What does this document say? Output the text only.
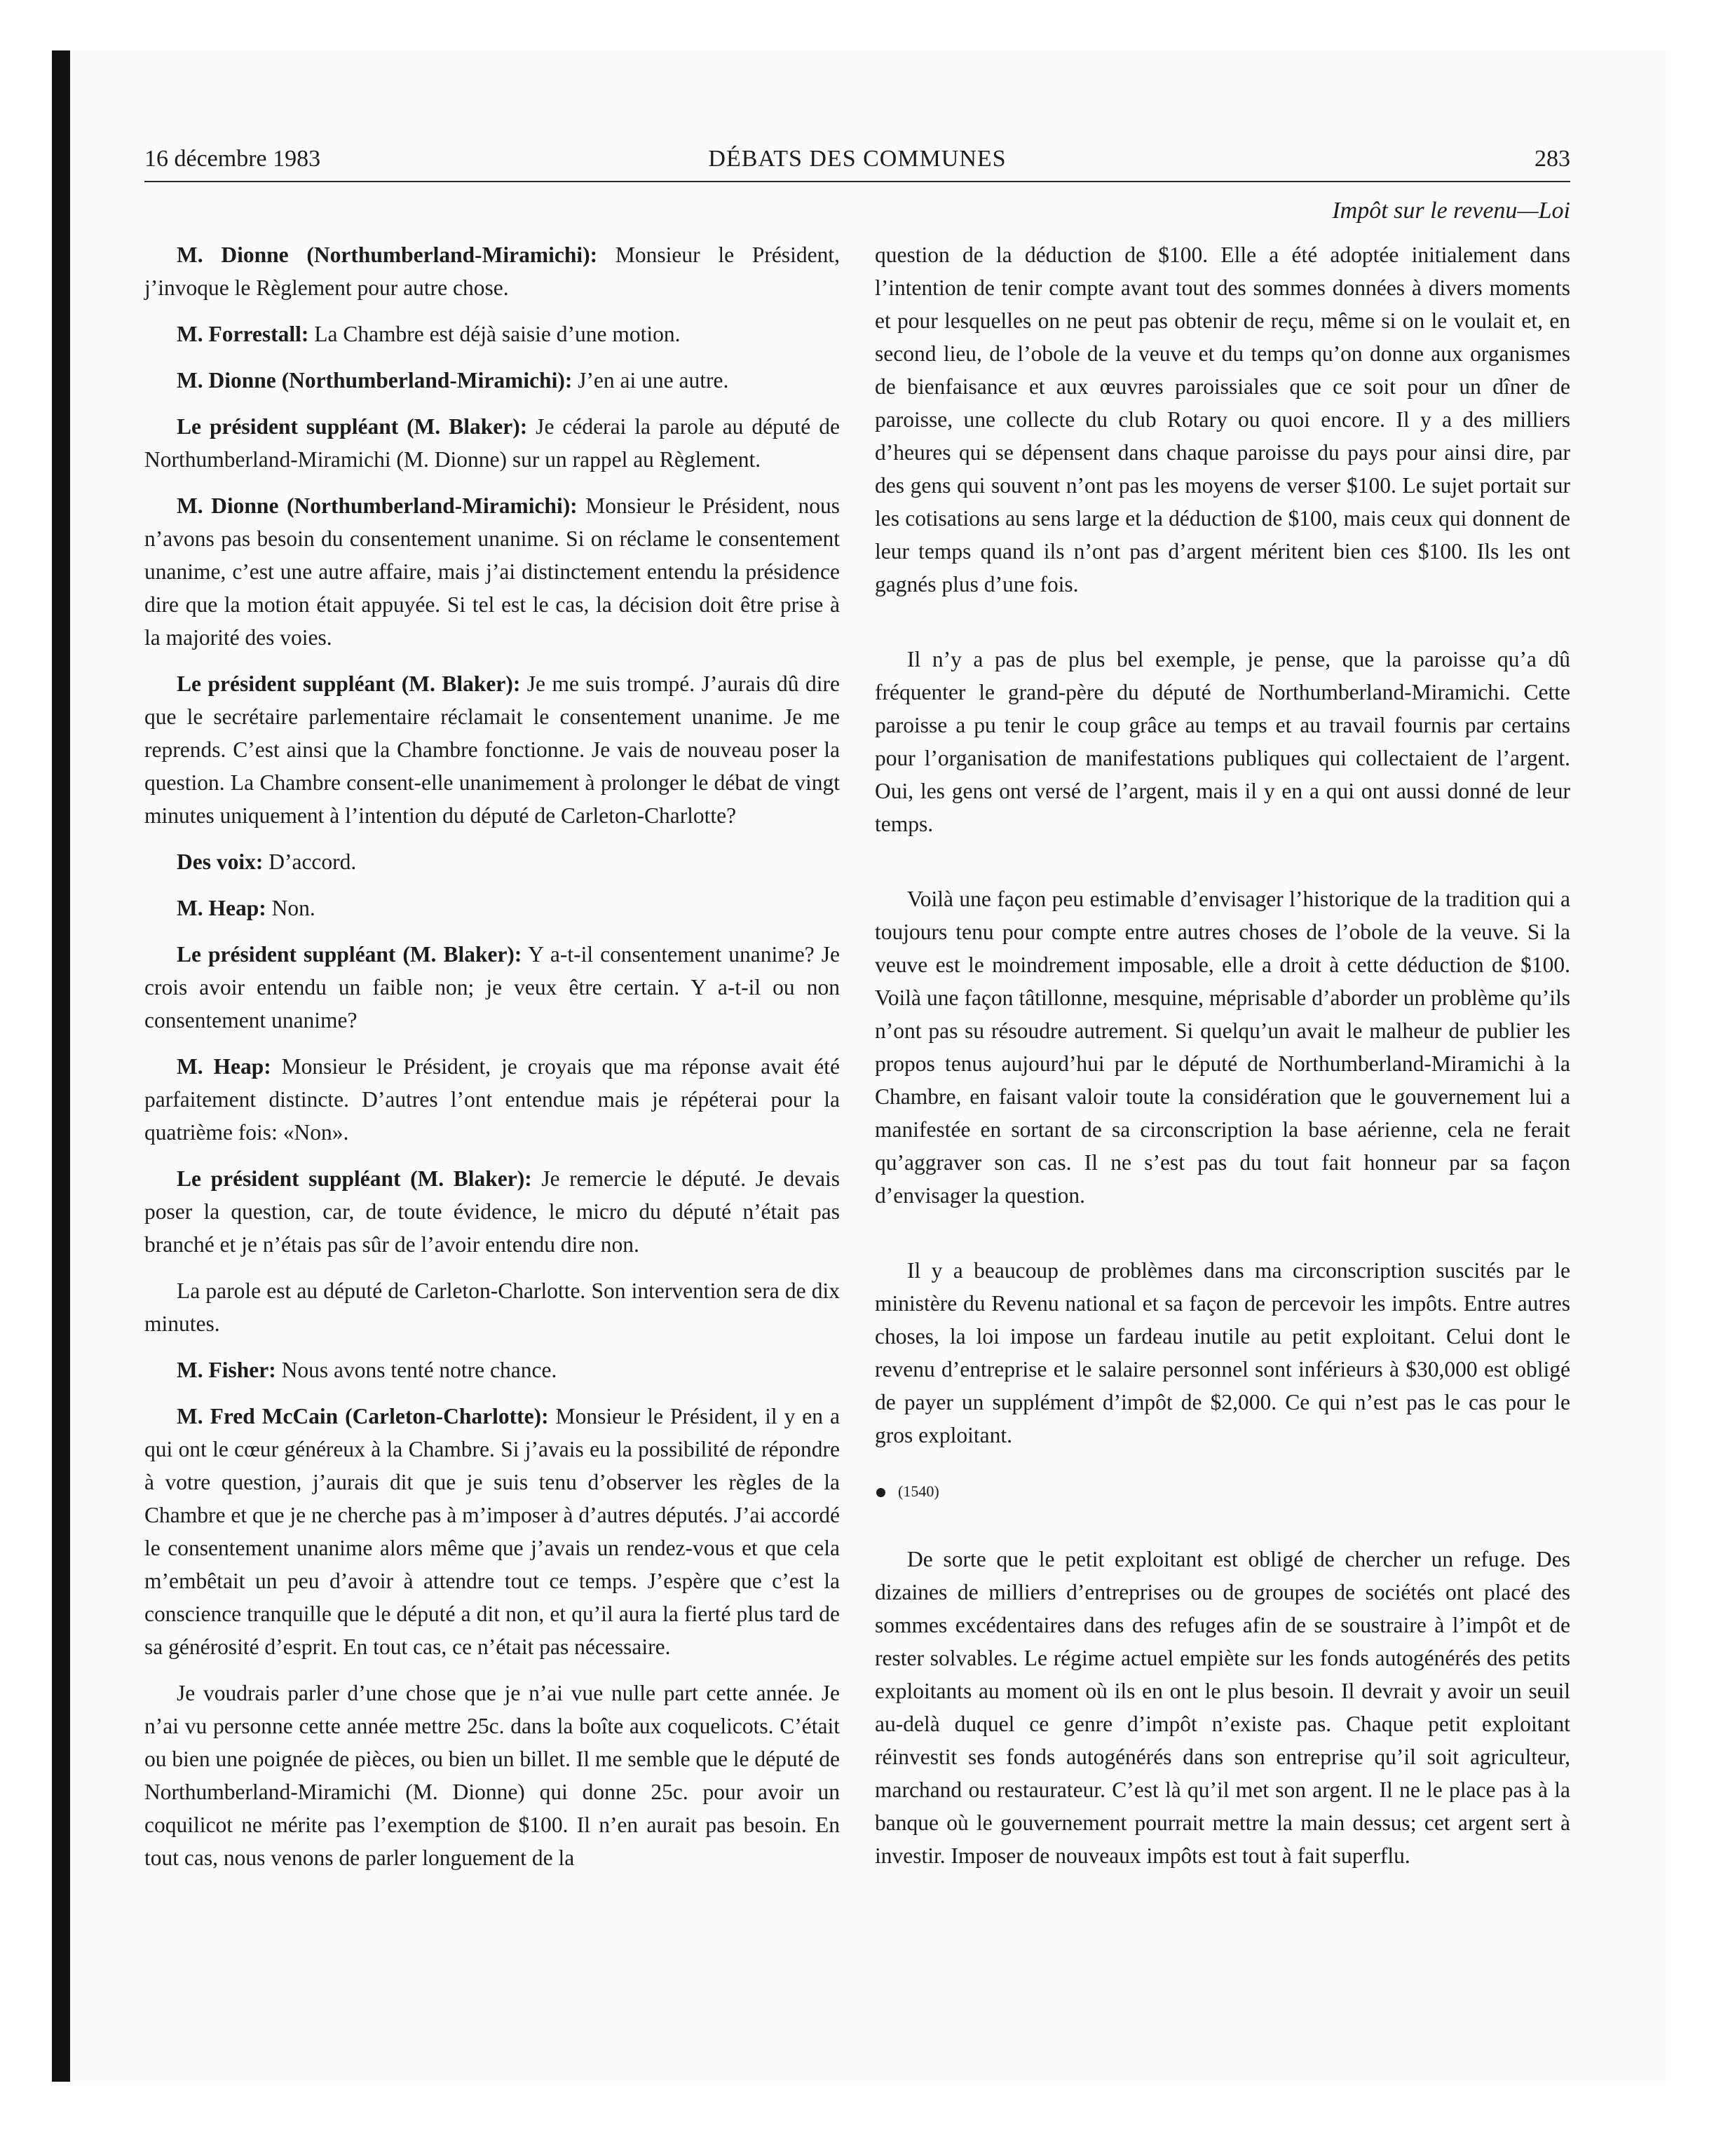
16 décembre 1983	DÉBATS DES COMMUNES	283
Impôt sur le revenu—Loi

M. Dionne (Northumberland-Miramichi): Monsieur le Président, j’invoque le Règlement pour autre chose.

M. Forrestall: La Chambre est déjà saisie d’une motion.

M. Dionne (Northumberland-Miramichi): J’en ai une autre.

Le président suppléant (M. Blaker): Je céderai la parole au député de Northumberland-Miramichi (M. Dionne) sur un rappel au Règlement.

M. Dionne (Northumberland-Miramichi): Monsieur le Président, nous n’avons pas besoin du consentement unanime. Si on réclame le consentement unanime, c’est une autre affaire, mais j’ai distinctement entendu la présidence dire que la motion était appuyée. Si tel est le cas, la décision doit être prise à la majorité des voies.

Le président suppléant (M. Blaker): Je me suis trompé. J’aurais dû dire que le secrétaire parlementaire réclamait le consentement unanime. Je me reprends. C’est ainsi que la Chambre fonctionne. Je vais de nouveau poser la question. La Chambre consent-elle unanimement à prolonger le débat de vingt minutes uniquement à l’intention du député de Carleton-Charlotte?

Des voix: D’accord.

M. Heap: Non.

Le président suppléant (M. Blaker): Y a-t-il consentement unanime? Je crois avoir entendu un faible non; je veux être certain. Y a-t-il ou non consentement unanime?

M. Heap: Monsieur le Président, je croyais que ma réponse avait été parfaitement distincte. D’autres l’ont entendue mais je répéterai pour la quatrième fois: «Non».

Le président suppléant (M. Blaker): Je remercie le député. Je devais poser la question, car, de toute évidence, le micro du député n’était pas branché et je n’étais pas sûr de l’avoir entendu dire non.

La parole est au député de Carleton-Charlotte. Son intervention sera de dix minutes.

M. Fisher: Nous avons tenté notre chance.

M. Fred McCain (Carleton-Charlotte): Monsieur le Président, il y en a qui ont le cœur généreux à la Chambre. Si j’avais eu la possibilité de répondre à votre question, j’aurais dit que je suis tenu d’observer les règles de la Chambre et que je ne cherche pas à m’imposer à d’autres députés. J’ai accordé le consentement unanime alors même que j’avais un rendez-vous et que cela m’embêtait un peu d’avoir à attendre tout ce temps. J’espère que c’est la conscience tranquille que le député a dit non, et qu’il aura la fierté plus tard de sa générosité d’esprit. En tout cas, ce n’était pas nécessaire.

Je voudrais parler d’une chose que je n’ai vue nulle part cette année. Je n’ai vu personne cette année mettre 25c. dans la boîte aux coquelicots. C’était ou bien une poignée de pièces, ou bien un billet. Il me semble que le député de Northumberland-Miramichi (M. Dionne) qui donne 25c. pour avoir un coquilicot ne mérite pas l’exemption de $100. Il n’en aurait pas besoin. En tout cas, nous venons de parler longuement de la

question de la déduction de $100. Elle a été adoptée initialement dans l’intention de tenir compte avant tout des sommes données à divers moments et pour lesquelles on ne peut pas obtenir de reçu, même si on le voulait et, en second lieu, de l’obole de la veuve et du temps qu’on donne aux organismes de bienfaisance et aux œuvres paroissiales que ce soit pour un dîner de paroisse, une collecte du club Rotary ou quoi encore. Il y a des milliers d’heures qui se dépensent dans chaque paroisse du pays pour ainsi dire, par des gens qui souvent n’ont pas les moyens de verser $100. Le sujet portait sur les cotisations au sens large et la déduction de $100, mais ceux qui donnent de leur temps quand ils n’ont pas d’argent méritent bien ces $100. Ils les ont gagnés plus d’une fois.

Il n’y a pas de plus bel exemple, je pense, que la paroisse qu’a dû fréquenter le grand-père du député de Northumberland-Miramichi. Cette paroisse a pu tenir le coup grâce au temps et au travail fournis par certains pour l’organisation de manifestations publiques qui collectaient de l’argent. Oui, les gens ont versé de l’argent, mais il y en a qui ont aussi donné de leur temps.

Voilà une façon peu estimable d’envisager l’historique de la tradition qui a toujours tenu pour compte entre autres choses de l’obole de la veuve. Si la veuve est le moindrement imposable, elle a droit à cette déduction de $100. Voilà une façon tâtillonne, mesquine, méprisable d’aborder un problème qu’ils n’ont pas su résoudre autrement. Si quelqu’un avait le malheur de publier les propos tenus aujourd’hui par le député de Northumberland-Miramichi à la Chambre, en faisant valoir toute la considération que le gouvernement lui a manifestée en sortant de sa circonscription la base aérienne, cela ne ferait qu’aggraver son cas. Il ne s’est pas du tout fait honneur par sa façon d’envisager la question.

Il y a beaucoup de problèmes dans ma circonscription suscités par le ministère du Revenu national et sa façon de percevoir les impôts. Entre autres choses, la loi impose un fardeau inutile au petit exploitant. Celui dont le revenu d’entreprise et le salaire personnel sont inférieurs à $30,000 est obligé de payer un supplément d’impôt de $2,000. Ce qui n’est pas le cas pour le gros exploitant.

(1540)

De sorte que le petit exploitant est obligé de chercher un refuge. Des dizaines de milliers d’entreprises ou de groupes de sociétés ont placé des sommes excédentaires dans des refuges afin de se soustraire à l’impôt et de rester solvables. Le régime actuel empiète sur les fonds autogénérés des petits exploitants au moment où ils en ont le plus besoin. Il devrait y avoir un seuil au-delà duquel ce genre d’impôt n’existe pas. Chaque petit exploitant réinvestit ses fonds autogénérés dans son entreprise qu’il soit agriculteur, marchand ou restaurateur. C’est là qu’il met son argent. Il ne le place pas à la banque où le gouvernement pourrait mettre la main dessus; cet argent sert à investir. Imposer de nouveaux impôts est tout à fait superflu.
